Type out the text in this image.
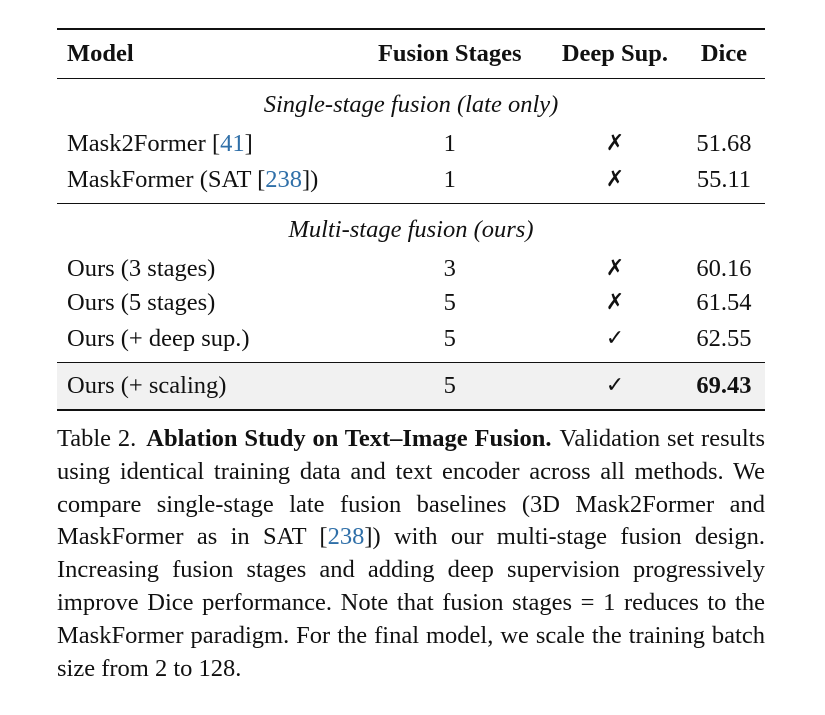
Model	Fusion Stages	Deep Sup.	Dice
Single-stage fusion (late only)			
Mask2Former [41]	1	✗	51.68
MaskFormer (SAT [238])	1	✗	55.11
Multi-stage fusion (ours)			
Ours (3 stages)	3	✗	60.16
Ours (5 stages)	5	✗	61.54
Ours (+ deep sup.)	5	✓	62.55
Ours (+ scaling)	5	✓	69.43
Table 2. Ablation Study on Text–Image Fusion. Validation set results using identical training data and text encoder across all methods. We compare single-stage late fusion baselines (3D Mask2Former and MaskFormer as in SAT [238]) with our multi-stage fusion design. Increasing fusion stages and adding deep supervision progressively improve Dice performance. Note that fusion stages = 1 reduces to the MaskFormer paradigm. For the final model, we scale the training batch size from 2 to 128.
